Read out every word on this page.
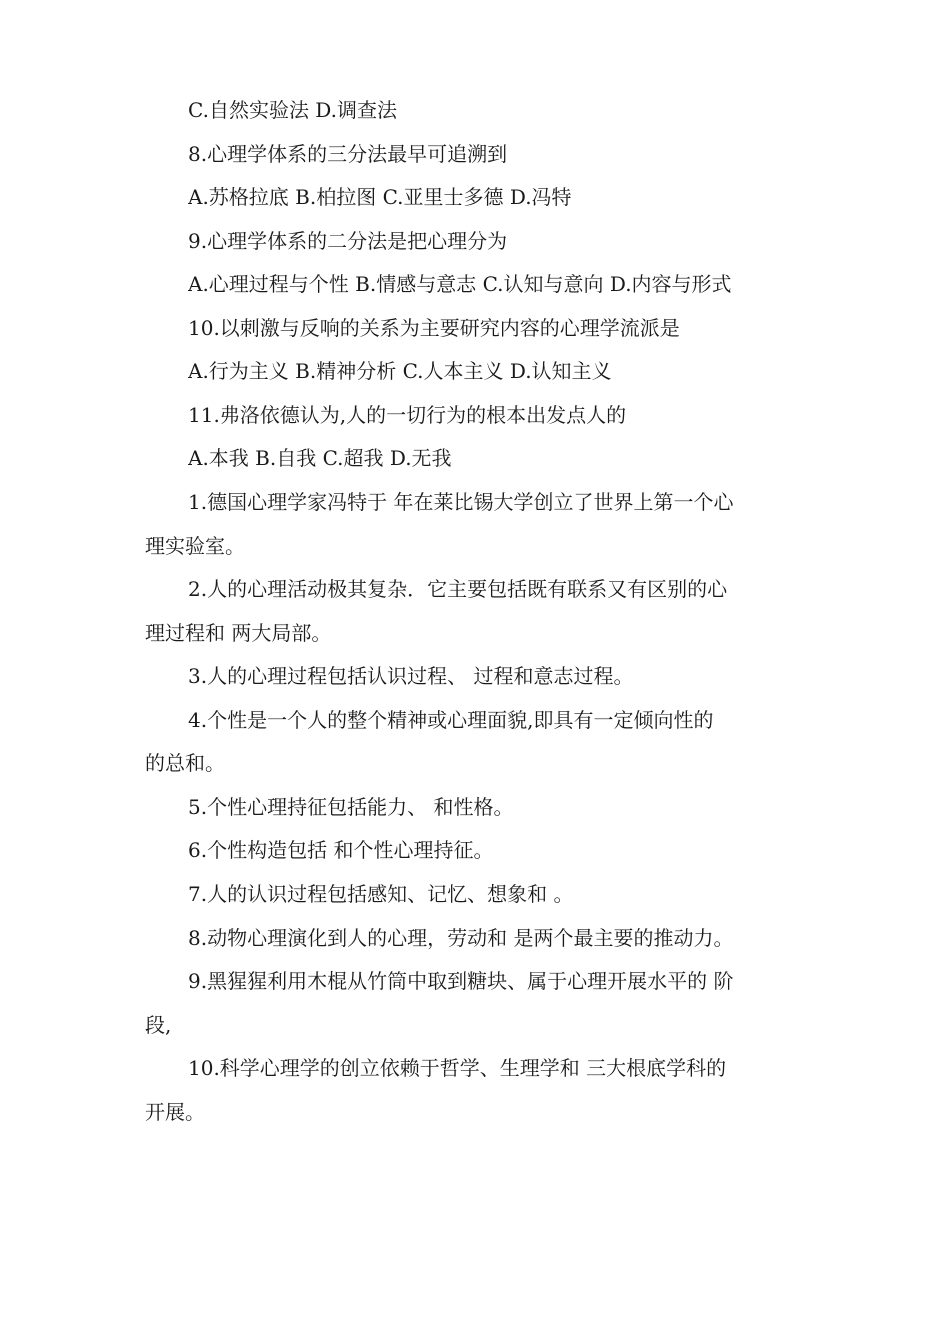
C.自然实验法 D.调查法
8.心理学体系的三分法最早可追溯到
A.苏格拉底 B.柏拉图 C.亚里士多德 D.冯特
9.心理学体系的二分法是把心理分为
A.心理过程与个性 B.情感与意志 C.认知与意向 D.内容与形式
10.以刺激与反响的关系为主要研究内容的心理学流派是
A.行为主义 B.精神分析 C.人本主义 D.认知主义
11.弗洛依德认为,人的一切行为的根本出发点人的
A.本我 B.自我 C.超我 D.无我
1.德国心理学家冯特于 年在莱比锡大学创立了世界上第一个心
理实验室。
2.人的心理活动极其复杂．它主要包括既有联系又有区别的心
理过程和 两大局部。
3.人的心理过程包括认识过程、 过程和意志过程。
4.个性是一个人的整个精神或心理面貌,即具有一定倾向性的
的总和。
5.个性心理持征包括能力、 和性格。
6.个性构造包括 和个性心理持征。
7.人的认识过程包括感知、记忆、想象和 。
8.动物心理演化到人的心理，劳动和 是两个最主要的推动力。
9.黑猩猩利用木棍从竹筒中取到糖块、属于心理开展水平的 阶
段,
10.科学心理学的创立依赖于哲学、生理学和 三大根底学科的
开展。
